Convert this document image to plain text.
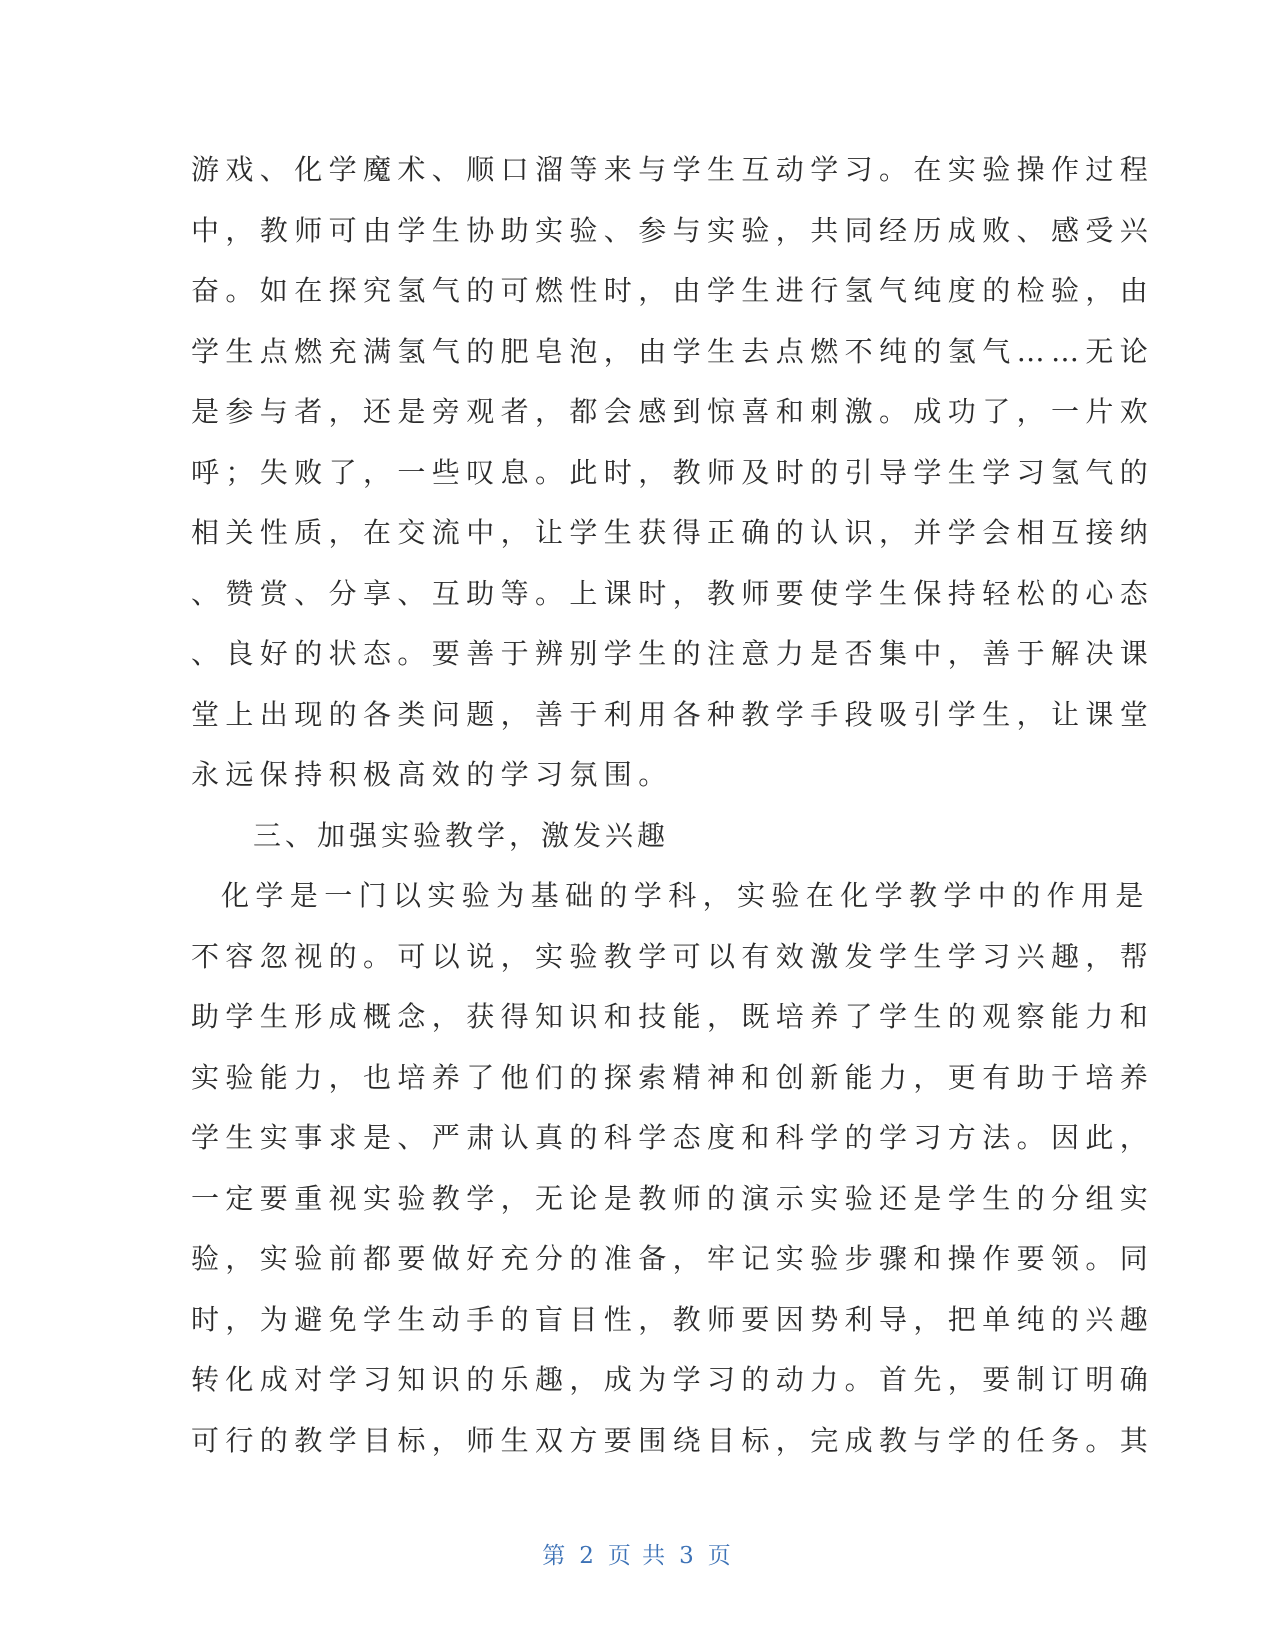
游戏、化学魔术、顺口溜等来与学生互动学习。在实验操作过程
中，教师可由学生协助实验、参与实验，共同经历成败、感受兴
奋。如在探究氢气的可燃性时，由学生进行氢气纯度的检验，由
学生点燃充满氢气的肥皂泡，由学生去点燃不纯的氢气……无论
是参与者，还是旁观者，都会感到惊喜和刺激。成功了，一片欢
呼；失败了，一些叹息。此时，教师及时的引导学生学习氢气的
相关性质，在交流中，让学生获得正确的认识，并学会相互接纳
、赞赏、分享、互助等。上课时，教师要使学生保持轻松的心态
、良好的状态。要善于辨别学生的注意力是否集中，善于解决课
堂上出现的各类问题，善于利用各种教学手段吸引学生，让课堂
永远保持积极高效的学习氛围。
三、加强实验教学，激发兴趣
化学是一门以实验为基础的学科，实验在化学教学中的作用是
不容忽视的。可以说，实验教学可以有效激发学生学习兴趣，帮
助学生形成概念，获得知识和技能，既培养了学生的观察能力和
实验能力，也培养了他们的探索精神和创新能力，更有助于培养
学生实事求是、严肃认真的科学态度和科学的学习方法。因此，
一定要重视实验教学，无论是教师的演示实验还是学生的分组实
验，实验前都要做好充分的准备，牢记实验步骤和操作要领。同
时，为避免学生动手的盲目性，教师要因势利导，把单纯的兴趣
转化成对学习知识的乐趣，成为学习的动力。首先，要制订明确
可行的教学目标，师生双方要围绕目标，完成教与学的任务。其
第 2 页 共 3 页
